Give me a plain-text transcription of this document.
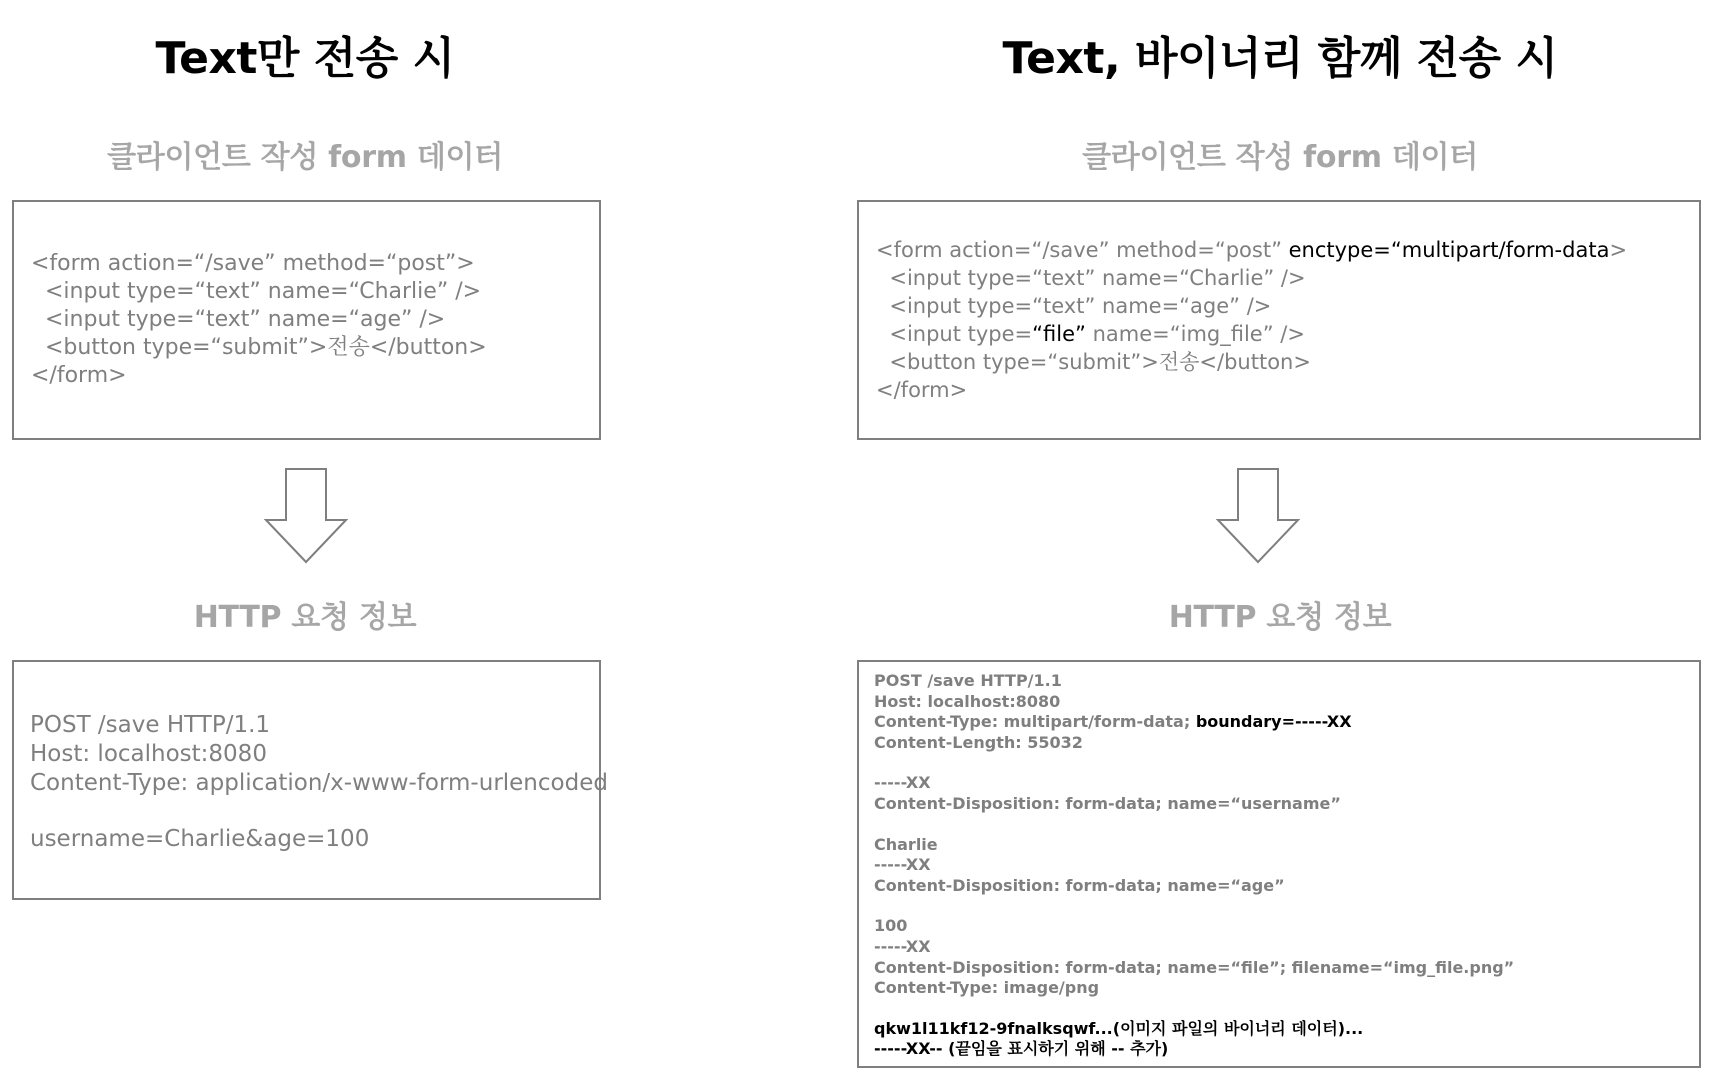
Text만 전송 시
클라이언트 작성 form 데이터
<form action=“/save” method=“post”>
<input type=“text” name=“Charlie” />
<input type=“text” name=“age” />
<button type=“submit”>전송</button>
</form>
HTTP 요청 정보
POST /save HTTP/1.1
Host: localhost:8080
Content-Type: application/x-www-form-urlencoded
username=Charlie&age=100
Text, 바이너리 함께 전송 시
클라이언트 작성 form 데이터
<form action=“/save” method=“post” enctype=“multipart/form-data>
<input type=“text” name=“Charlie” />
<input type=“text” name=“age” />
<input type=“file” name=“img_file” />
<button type=“submit”>전송</button>
</form>
HTTP 요청 정보
POST /save HTTP/1.1
Host: localhost:8080
Content-Type: multipart/form-data; boundary=-----XX
Content-Length: 55032
-----XX
Content-Disposition: form-data; name=“username”
Charlie
-----XX
Content-Disposition: form-data; name=“age”
100
-----XX
Content-Disposition: form-data; name=“file”; filename=“img_file.png”
Content-Type: image/png
qkw1l11kf12-9fnalksqwf...(이미지 파일의 바이너리 데이터)...
-----XX-- (끝임을 표시하기 위해 -- 추가)
